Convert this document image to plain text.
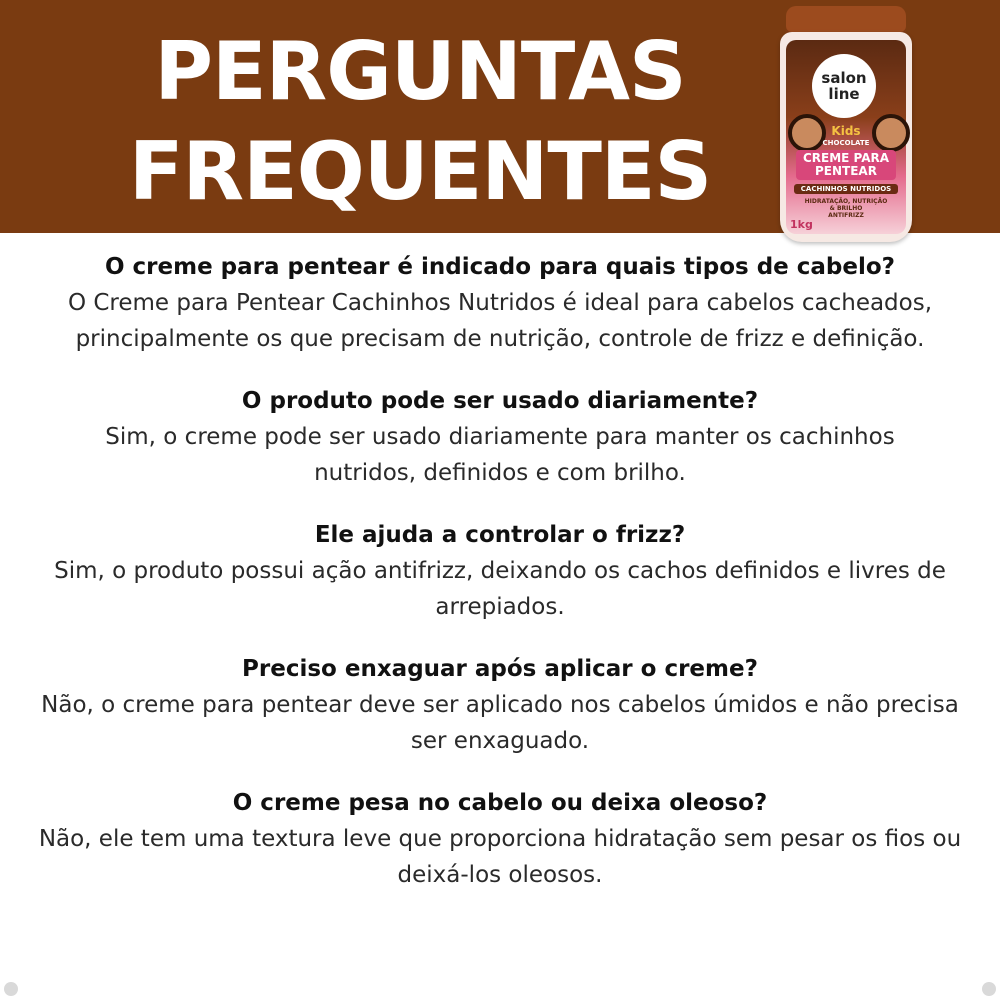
PERGUNTAS
FREQUENTES
salon
line
Kids
CHOCOLATE
CREME PARA
PENTEAR
CACHINHOS NUTRIDOS
HIDRATAÇÃO, NUTRIÇÃO
& BRILHO
ANTIFRIZZ
1kg

O creme para pentear é indicado para quais tipos de cabelo?

O Creme para Pentear Cachinhos Nutridos é ideal para cabelos cacheados, principalmente os que precisam de nutrição, controle de frizz e definição.

O produto pode ser usado diariamente?

Sim, o creme pode ser usado diariamente para manter os cachinhos nutridos, definidos e com brilho.

Ele ajuda a controlar o frizz?

Sim, o produto possui ação antifrizz, deixando os cachos definidos e livres de arrepiados.

Preciso enxaguar após aplicar o creme?

Não, o creme para pentear deve ser aplicado nos cabelos úmidos e não precisa ser enxaguado.

O creme pesa no cabelo ou deixa oleoso?

Não, ele tem uma textura leve que proporciona hidratação sem pesar os fios ou deixá-los oleosos.
